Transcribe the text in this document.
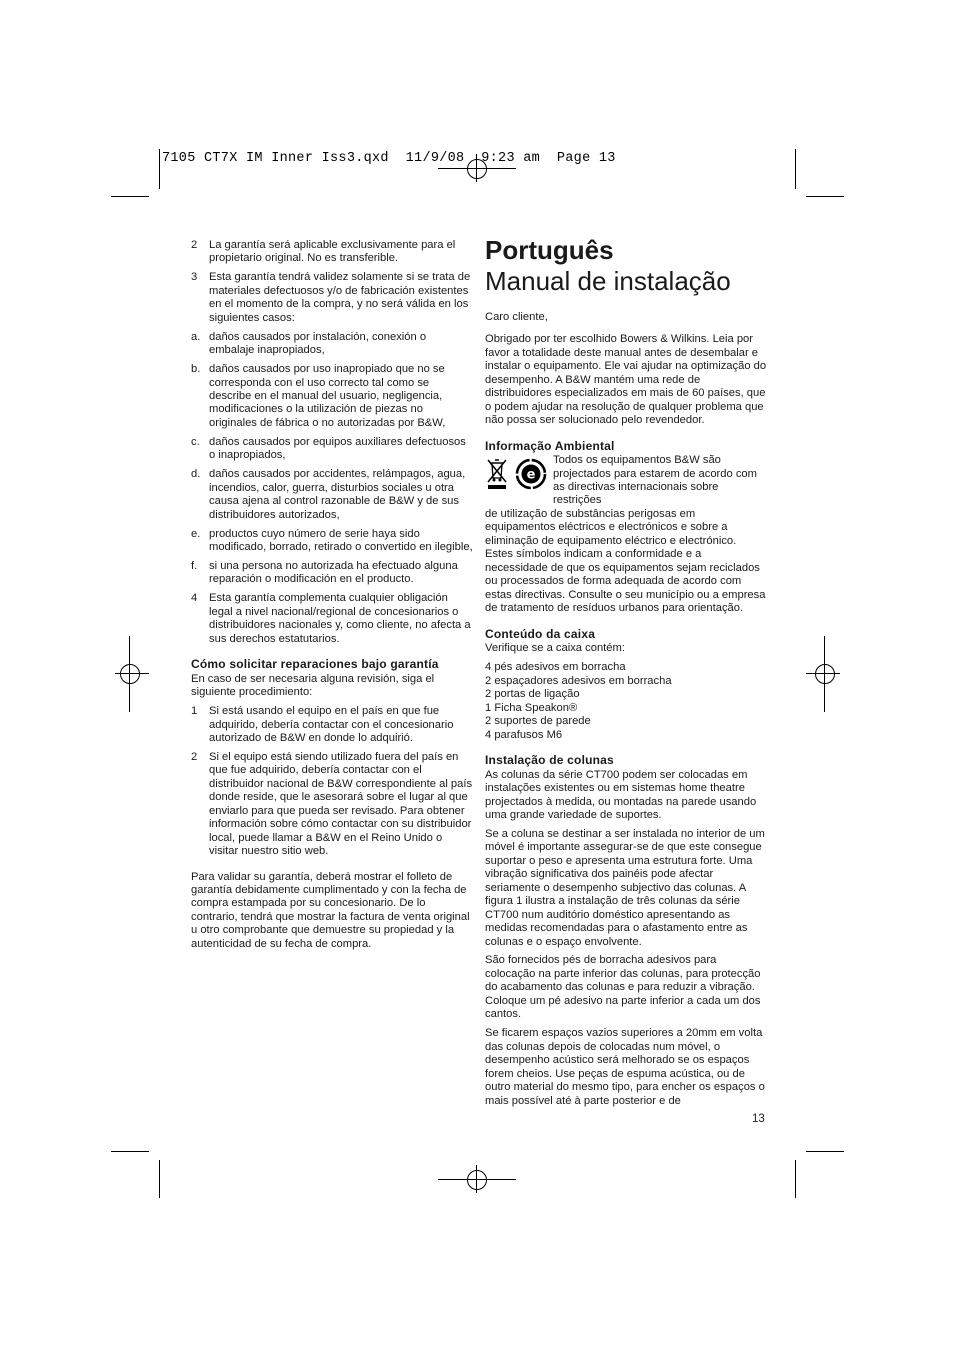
7105 CT7X IM Inner Iss3.qxd  11/9/08  9:23 am  Page 13
2	La garantía será aplicable exclusivamente para el propietario original. No es transferible.
3	Esta garantía tendrá validez solamente si se trata de materiales defectuosos y/o de fabricación existentes en el momento de la compra, y no será válida en los siguientes casos:
a. daños causados por instalación, conexión o embalaje inapropiados,
b. daños causados por uso inapropiado que no se corresponda con el uso correcto tal como se describe en el manual del usuario, negligencia, modificaciones o la utilización de piezas no originales de fábrica o no autorizadas por B&W,
c. daños causados por equipos auxiliares defectuosos o inapropiados,
d. daños causados por accidentes, relámpagos, agua, incendios, calor, guerra, disturbios sociales u otra causa ajena al control razonable de B&W y de sus distribuidores autorizados,
e. productos cuyo número de serie haya sido modificado, borrado, retirado o convertido en ilegible,
f.	si una persona no autorizada ha efectuado alguna reparación o modificación en el producto.
4	Esta garantía complementa cualquier obligación legal a nivel nacional/regional de concesionarios o distribuidores nacionales y, como cliente, no afecta a sus derechos estatutarios.
Cómo solicitar reparaciones bajo garantía

En caso de ser necesaria alguna revisión, siga el siguiente procedimiento:

1	Si está usando el equipo en el país en que fue adquirido, debería contactar con el concesionario autorizado de B&W en donde lo adquirió.
2	Si el equipo está siendo utilizado fuera del país en que fue adquirido, debería contactar con el distribuidor nacional de B&W correspondiente al país donde reside, que le asesorará sobre el lugar al que enviarlo para que pueda ser revisado. Para obtener información sobre cómo contactar con su distribuidor local, puede llamar a B&W en el Reino Unido o visitar nuestro sitio web.

Para validar su garantía, deberá mostrar el folleto de garantía debidamente cumplimentado y con la fecha de compra estampada por su concesionario. De lo contrario, tendrá que mostrar la factura de venta original u otro comprobante que demuestre su propiedad y la autenticidad de su fecha de compra.

Português
Manual de instalação

Caro cliente,

Obrigado por ter escolhido Bowers & Wilkins. Leia por favor a totalidade deste manual antes de desembalar e instalar o equipamento. Ele vai ajudar na optimização do desempenho. A B&W mantém uma rede de distribuidores especializados em mais de 60 países, que o podem ajudar na resolução de qualquer problema que não possa ser solucionado pelo revendedor.

Informação Ambiental
e
Todos os equipamentos B&W são
projectados para estarem de acordo com
as directivas internacionais sobre restrições

de utilização de substâncias perigosas em equipamentos eléctricos e electrónicos e sobre a eliminação de equipamento eléctrico e electrónico. Estes símbolos indicam a conformidade e a necessidade de que os equipamentos sejam reciclados ou processados de forma adequada de acordo com estas directivas. Consulte o seu município ou a empresa de tratamento de resíduos urbanos para orientação.

Conteúdo da caixa

Verifique se a caixa contém:

4 pés adesivos em borracha

2 espaçadores adesivos em borracha

2 portas de ligação

1 Ficha Speakon®

2 suportes de parede

4 parafusos M6

Instalação de colunas

As colunas da série CT700 podem ser colocadas em instalações existentes ou em sistemas home theatre projectados à medida, ou montadas na parede usando uma grande variedade de suportes.

Se a coluna se destinar a ser instalada no interior de um móvel é importante assegurar-se de que este consegue suportar o peso e apresenta uma estrutura forte. Uma vibração significativa dos painéis pode afectar seriamente o desempenho subjectivo das colunas. A figura 1 ilustra a instalação de três colunas da série CT700 num auditório doméstico apresentando as medidas recomendadas para o afastamento entre as colunas e o espaço envolvente.

São fornecidos pés de borracha adesivos para colocação na parte inferior das colunas, para protecção do acabamento das colunas e para reduzir a vibração. Coloque um pé adesivo na parte inferior a cada um dos cantos.

Se ficarem espaços vazios superiores a 20mm em volta das colunas depois de colocadas num móvel, o desempenho acústico será melhorado se os espaços forem cheios. Use peças de espuma acústica, ou de outro material do mesmo tipo, para encher os espaços o mais possível até à parte posterior e de

13
